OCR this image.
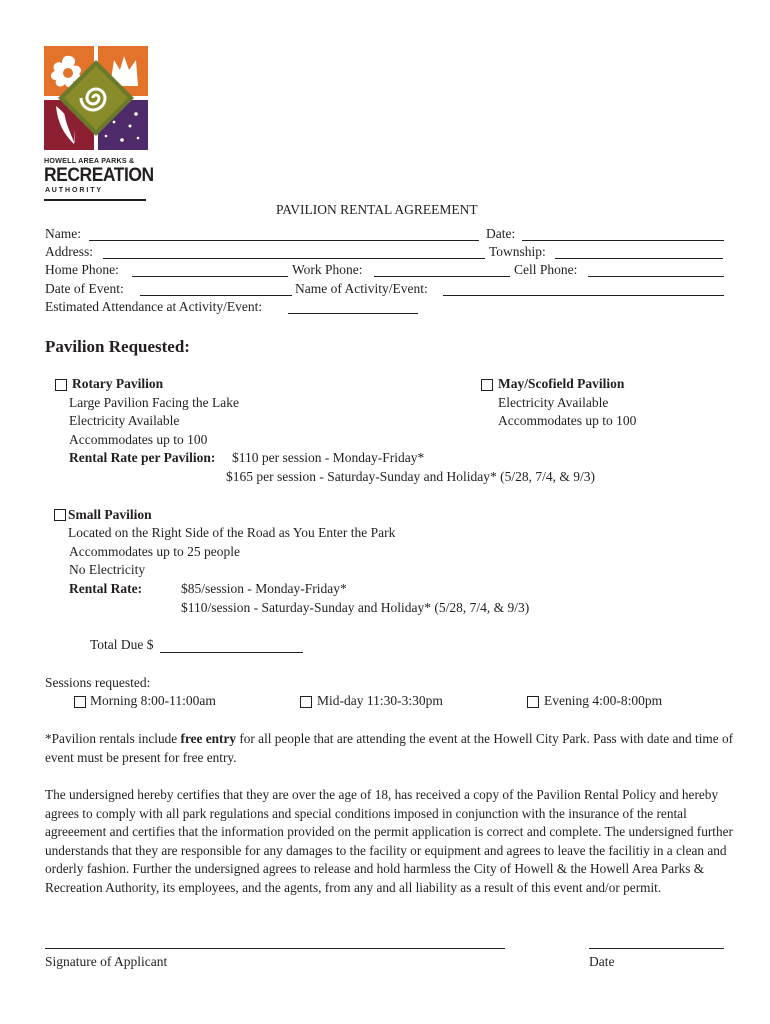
HOWELL AREA PARKS &
RECREATION
A U T H O R I T Y
PAVILION RENTAL AGREEMENT
Name:	Date:
Address:	Township:
Home Phone:	Work Phone:	Cell Phone:
Date of Event:	Name of Activity/Event:
Estimated Attendance at Activity/Event:
Pavilion Requested:
Rotary Pavilion
Large Pavilion Facing the Lake
Electricity Available
Accommodates up to 100
Rental Rate per Pavilion: $110 per session - Monday-Friday*
$165 per session - Saturday-Sunday and Holiday* (5/28, 7/4, & 9/3)
May/Scofield Pavilion
Electricity Available
Accommodates up to 100
Small Pavilion
Located on the Right Side of the Road as You Enter the Park
Accommodates up to 25 people
No Electricity
Rental Rate:	$85/session - Monday-Friday*
$110/session - Saturday-Sunday and Holiday* (5/28, 7/4, & 9/3)
Total Due $
Sessions requested:
Morning 8:00-11:00am	Mid-day 11:30-3:30pm	Evening 4:00-8:00pm
*Pavilion rentals include free entry for all people that are attending the event at the Howell City Park. Pass with date and time of event must be present for free entry.
The undersigned hereby certifies that they are over the age of 18, has received a copy of the Pavilion Rental Policy and hereby agrees to comply with all park regulations and special conditions imposed in conjunction with the insurance of the rental agreeement and certifies that the information provided on the permit application is correct and complete. The undersigned further understands that they are responsible for any damages to the facility or equipment and agrees to leave the facilitiy in a clean and orderly fashion. Further the undersigned agrees to release and hold harmless the City of Howell & the Howell Area Parks & Recreation Authority, its employees, and the agents, from any and all liability as a result of this event and/or permit.
Signature of Applicant	Date
